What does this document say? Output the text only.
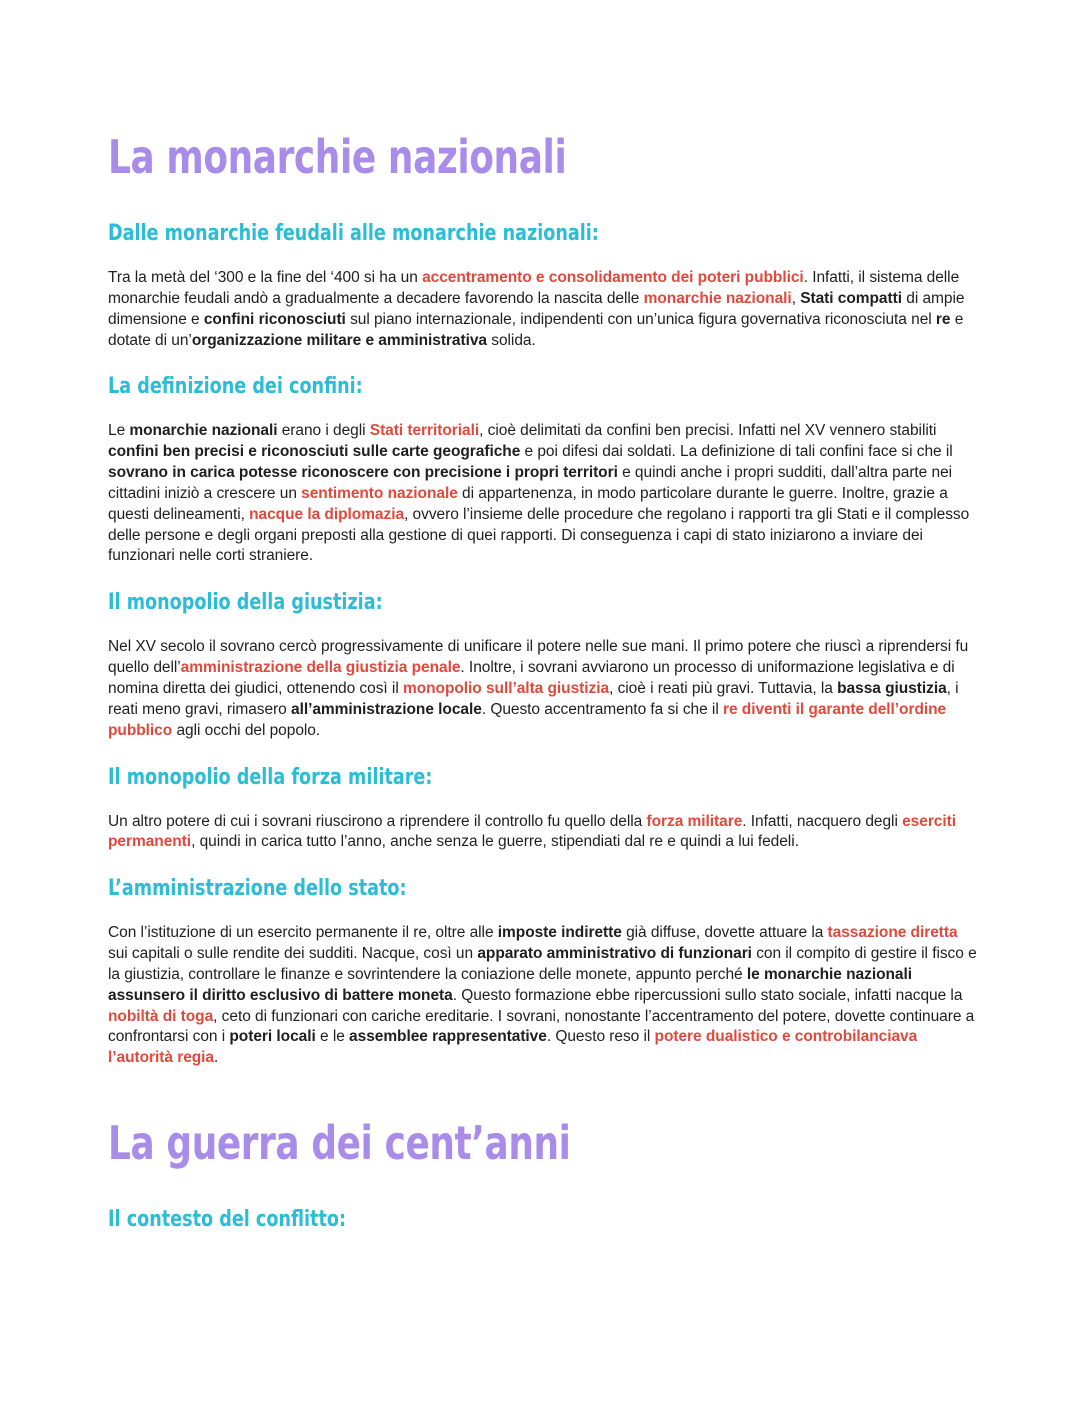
La monarchie nazionali
Dalle monarchie feudali alle monarchie nazionali:

Tra la metà del ‘300 e la fine del ‘400 si ha un accentramento e consolidamento dei poteri pubblici. Infatti, il sistema delle monarchie feudali andò a gradualmente a decadere favorendo la nascita delle monarchie nazionali, Stati compatti di ampie dimensione e confini riconosciuti sul piano internazionale, indipendenti con un’unica figura governativa riconosciuta nel re e dotate di un’organizzazione militare e amministrativa solida.

La definizione dei confini:

Le monarchie nazionali erano i degli Stati territoriali, cioè delimitati da confini ben precisi. Infatti nel XV vennero stabiliti confini ben precisi e riconosciuti sulle carte geografiche e poi difesi dai soldati. La definizione di tali confini face si che il sovrano in carica potesse riconoscere con precisione i propri territori e quindi anche i propri sudditi, dall’altra parte nei cittadini iniziò a crescere un sentimento nazionale di appartenenza, in modo particolare durante le guerre. Inoltre, grazie a questi delineamenti, nacque la diplomazia, ovvero l’insieme delle procedure che regolano i rapporti tra gli Stati e il complesso delle persone e degli organi preposti alla gestione di quei rapporti. Di conseguenza i capi di stato iniziarono a inviare dei funzionari nelle corti straniere.

Il monopolio della giustizia:

Nel XV secolo il sovrano cercò progressivamente di unificare il potere nelle sue mani. Il primo potere che riuscì a riprendersi fu quello dell’amministrazione della giustizia penale. Inoltre, i sovrani avviarono un processo di uniformazione legislativa e di nomina diretta dei giudici, ottenendo così il monopolio sull’alta giustizia, cioè i reati più gravi. Tuttavia, la bassa giustizia, i reati meno gravi, rimasero all’amministrazione locale. Questo accentramento fa si che il re diventi il garante dell’ordine pubblico agli occhi del popolo.

Il monopolio della forza militare:

Un altro potere di cui i sovrani riuscirono a riprendere il controllo fu quello della forza militare. Infatti, nacquero degli eserciti permanenti, quindi in carica tutto l’anno, anche senza le guerre, stipendiati dal re e quindi a lui fedeli.

L’amministrazione dello stato:

Con l’istituzione di un esercito permanente il re, oltre alle imposte indirette già diffuse, dovette attuare la tassazione diretta sui capitali o sulle rendite dei sudditi. Nacque, così un apparato amministrativo di funzionari con il compito di gestire il fisco e la giustizia, controllare le finanze e sovrintendere la coniazione delle monete, appunto perché le monarchie nazionali assunsero il diritto esclusivo di battere moneta. Questo formazione ebbe ripercussioni sullo stato sociale, infatti nacque la nobiltà di toga, ceto di funzionari con cariche ereditarie. I sovrani, nonostante l’accentramento del potere, dovette continuare a confrontarsi con i poteri locali e le assemblee rappresentative. Questo reso il potere dualistico e controbilanciava l’autorità regia.

La guerra dei cent’anni
Il contesto del conflitto:
